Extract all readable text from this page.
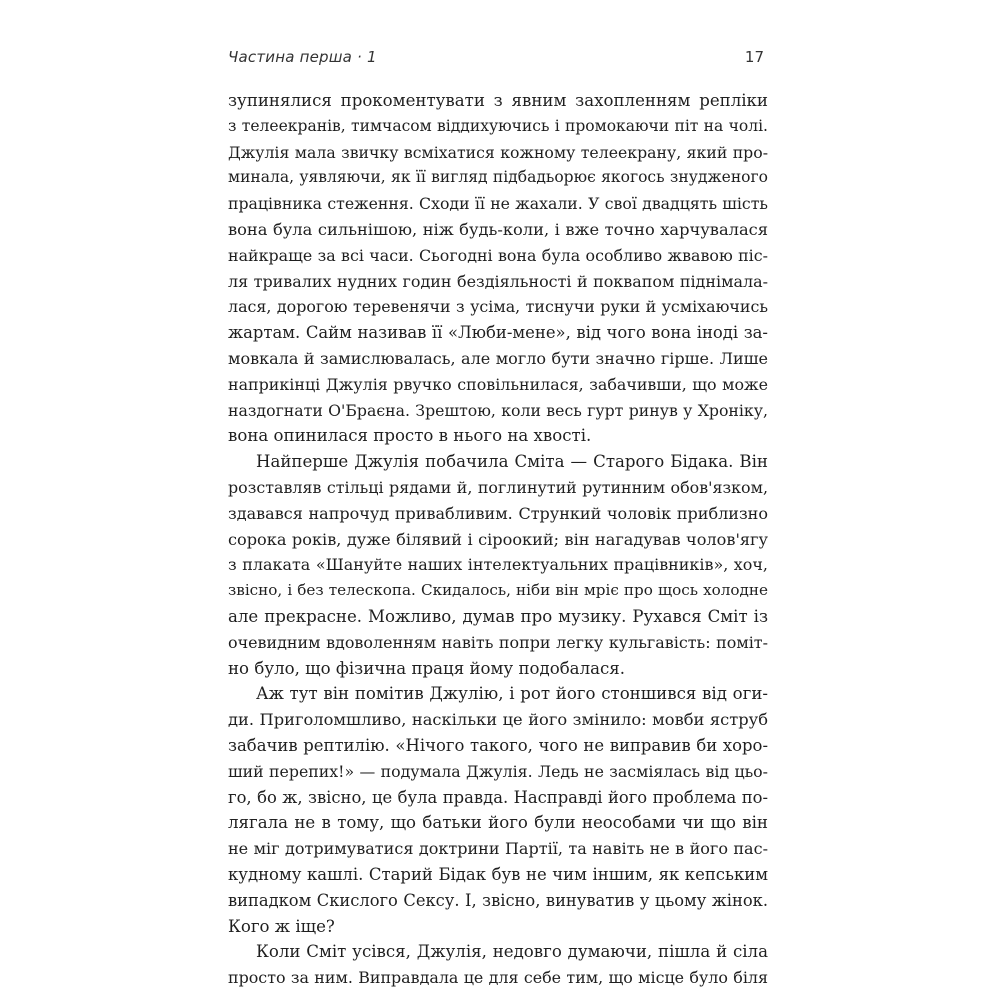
Частина перша · 1	17
зупинялися прокоментувати з явним захопленням репліки
з телеекранів, тимчасом віддихуючись і промокаючи піт на чолі.
Джулія мала звичку всміхатися кожному телеекрану, який про-
минала, уявляючи, як її вигляд підбадьорює якогось знудженого
працівника стеження. Сходи її не жахали. У свої двадцять шість
вона була сильнішою, ніж будь-коли, і вже точно харчувалася
найкраще за всі часи. Сьогодні вона була особливо жвавою піс-
ля тривалих нудних годин бездіяльності й поквапом піднімала-
лася, дорогою теревенячи з усіма, тиснучи руки й усміхаючись
жартам. Сайм називав її «Люби-мене», від чого вона іноді за-
мовкала й замислювалась, але могло бути значно гірше. Лише
наприкінці Джулія рвучко сповільнилася, забачивши, що може
наздогнати О'Браєна. Зрештою, коли весь гурт ринув у Хроніку,
вона опинилася просто в нього на хвості.
Найперше Джулія побачила Сміта — Старого Бідака. Він
розставляв стільці рядами й, поглинутий рутинним обов'язком,
здавався напрочуд привабливим. Стрункий чоловік приблизно
сорока років, дуже білявий і сіроокий; він нагадував чолов'ягу
з плаката «Шануйте наших інтелектуальних працівників», хоч,
звісно, і без телескопа. Скидалось, ніби він мріє про щось холодне
але прекрасне. Можливо, думав про музику. Рухався Сміт із
очевидним вдоволенням навіть попри легку кульгавість: поміт-
но було, що фізична праця йому подобалася.
Аж тут він помітив Джулію, і рот його стоншився від оги-
ди. Приголомшливо, наскільки це його змінило: мовби яструб
забачив рептилію. «Нічого такого, чого не виправив би хоро-
ший перепих!» — подумала Джулія. Ледь не засміялась від цьо-
го, бо ж, звісно, це була правда. Насправді його проблема по-
лягала не в тому, що батьки його були неособами чи що він
не міг дотримуватися доктрини Партії, та навіть не в його пас-
кудному кашлі. Старий Бідак був не чим іншим, як кепським
випадком Скислого Сексу. І, звісно, винуватив у цьому жінок.
Кого ж іще?
Коли Сміт усівся, Джулія, недовго думаючи, пішла й сіла
просто за ним. Виправдала це для себе тим, що місце було біля
